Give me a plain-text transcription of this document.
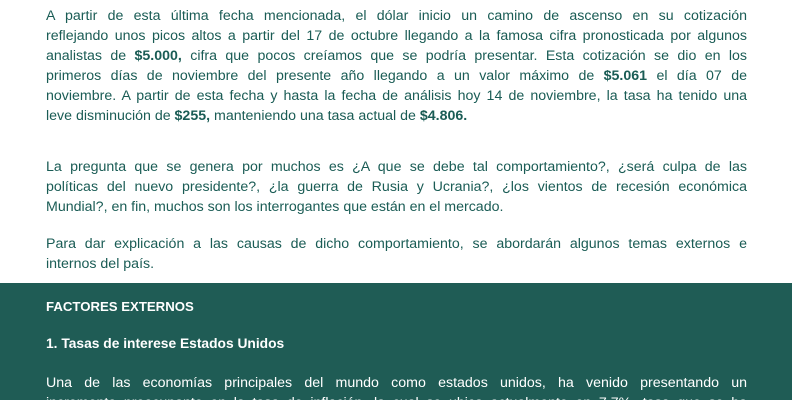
A partir de esta última fecha mencionada, el dólar inicio un camino de ascenso en su cotización
reflejando unos picos altos a partir del 17 de octubre llegando a la famosa cifra pronosticada por algunos
analistas de $5.000, cifra que pocos creíamos que se podría presentar. Esta cotización se dio en los
primeros días de noviembre del presente año llegando a un valor máximo de $5.061 el día 07 de
noviembre. A partir de esta fecha y hasta la fecha de análisis hoy 14 de noviembre, la tasa ha tenido una
leve disminución de $255, manteniendo una tasa actual de $4.806.

La pregunta que se genera por muchos es ¿A que se debe tal comportamiento?, ¿será culpa de las
políticas del nuevo presidente?, ¿la guerra de Rusia y Ucrania?, ¿los vientos de recesión económica
Mundial?, en fin, muchos son los interrogantes que están en el mercado.

Para dar explicación a las causas de dicho comportamiento, se abordarán algunos temas externos e
internos del país.

FACTORES EXTERNOS
1. Tasas de interese Estados Unidos

Una de las economías principales del mundo como estados unidos, ha venido presentando un
incremento preocupante en la tasa de inflación, la cual se ubica actualmente en 7.7%, tasa que se ha
